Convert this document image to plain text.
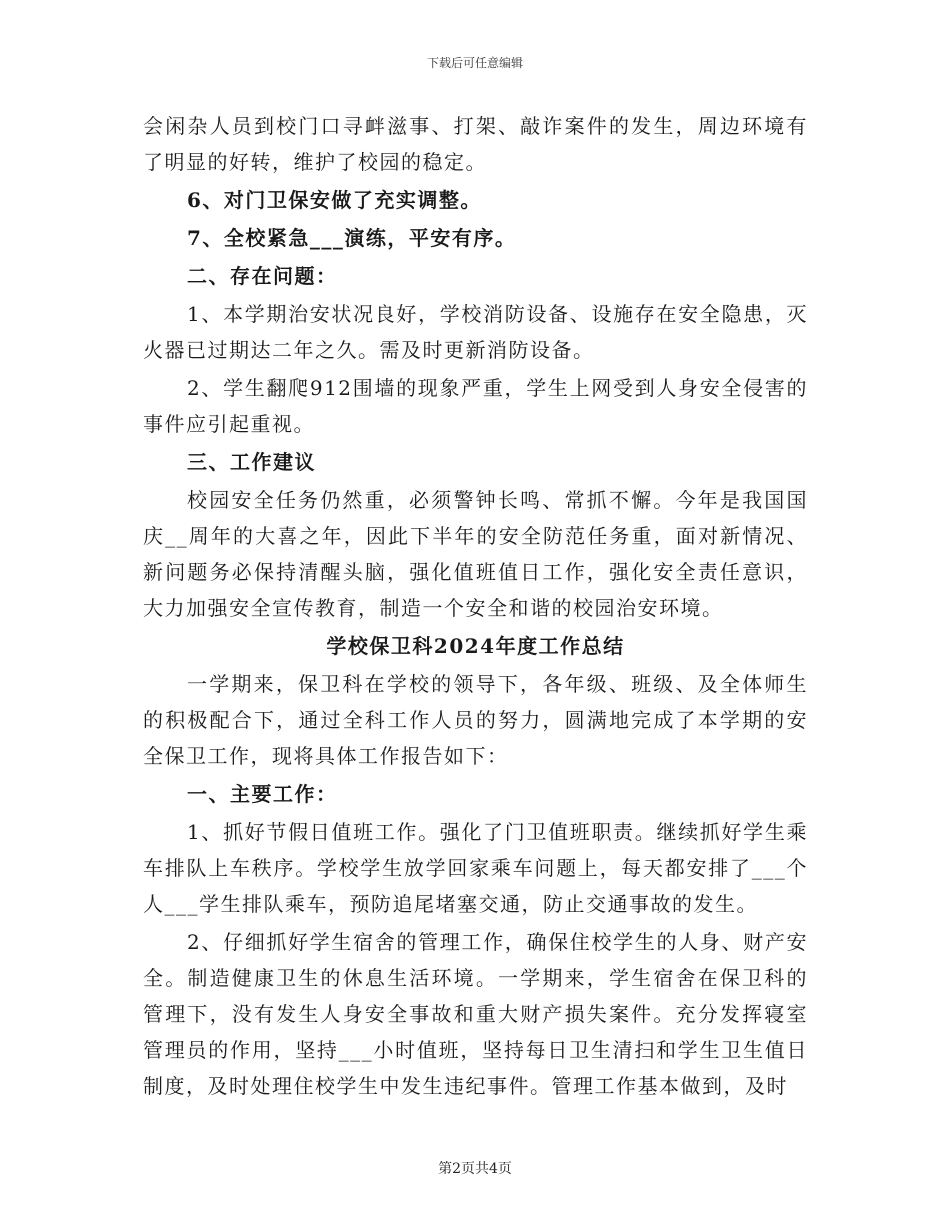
下载后可任意编辑

会闲杂人员到校门口寻衅滋事、打架、敲诈案件的发生，周边环境有了明显的好转，维护了校园的稳定。

6、对门卫保安做了充实调整。

7、全校紧急___演练，平安有序。

二、存在问题：

1、本学期治安状况良好，学校消防设备、设施存在安全隐患，灭火器已过期达二年之久。需及时更新消防设备。

2、学生翻爬912围墙的现象严重，学生上网受到人身安全侵害的事件应引起重视。

三、工作建议

校园安全任务仍然重，必须警钟长鸣、常抓不懈。今年是我国国庆__周年的大喜之年，因此下半年的安全防范任务重，面对新情况、新问题务必保持清醒头脑，强化值班值日工作，强化安全责任意识，大力加强安全宣传教育，制造一个安全和谐的校园治安环境。

学校保卫科2024年度工作总结

一学期来，保卫科在学校的领导下，各年级、班级、及全体师生的积极配合下，通过全科工作人员的努力，圆满地完成了本学期的安全保卫工作，现将具体工作报告如下：

一、主要工作：

1、抓好节假日值班工作。强化了门卫值班职责。继续抓好学生乘车排队上车秩序。学校学生放学回家乘车问题上，每天都安排了___个人___学生排队乘车，预防追尾堵塞交通，防止交通事故的发生。

2、仔细抓好学生宿舍的管理工作，确保住校学生的人身、财产安全。制造健康卫生的休息生活环境。一学期来，学生宿舍在保卫科的管理下，没有发生人身安全事故和重大财产损失案件。充分发挥寝室管理员的作用，坚持___小时值班，坚持每日卫生清扫和学生卫生值日制度，及时处理住校学生中发生违纪事件。管理工作基本做到，及时

第2页共4页
